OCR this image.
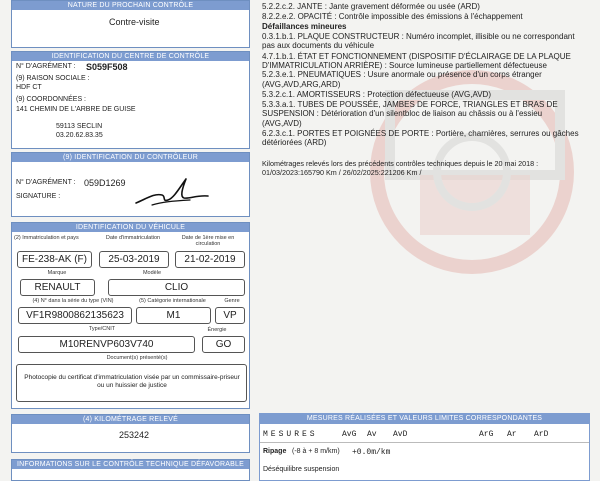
NATURE DU PROCHAIN CONTRÔLE
Contre-visite
IDENTIFICATION DU CENTRE DE CONTRÔLE
N° D'AGRÉMENT : S059F508
(9) RAISON SOCIALE :
HDF CT
(9) COORDONNÉES :
141 CHEMIN DE L'ARBRE DE GUISE
59113 SECLIN
03.20.62.83.35
(9) IDENTIFICATION DU CONTRÔLEUR
N° D'AGRÉMENT : 059D1269
SIGNATURE :
IDENTIFICATION DU VÉHICULE
(2) Immatriculation et pays	Date d'immatriculation	Date de 1ère mise en circulation
FE-238-AK (F)	25-03-2019	21-02-2019
Marque	Modèle
RENAULT	CLIO
(4) N° dans la série du type (VIN)	(5) Catégorie internationale	Genre
VF1R9800862135623	M1	VP
Type/CNIT	Énergie
M10RENVP603V740	GO
Document(s) présenté(s)
Photocopie du certificat d'immatriculation visée par un commissaire-priseur ou un huissier de justice
(4) KILOMÉTRAGE RELEVÉ
253242
INFORMATIONS SUR LE CONTRÔLE TECHNIQUE DÉFAVORABLE
5.2.2.c.2. JANTE : Jante gravement déformée ou usée (ARD)
8.2.2.e.2. OPACITÉ : Contrôle impossible des émissions à l'échappement
Défaillances mineures
0.3.1.b.1. PLAQUE CONSTRUCTEUR : Numéro incomplet, illisible ou ne correspondant
pas aux documents du véhicule
4.7.1.b.1. ÉTAT ET FONCTIONNEMENT (DISPOSITIF D'ÉCLAIRAGE DE LA PLAQUE
D'IMMATRICULATION ARRIÈRE) : Source lumineuse partiellement défectueuse
5.2.3.e.1. PNEUMATIQUES : Usure anormale ou présence d'un corps étranger
(AVG,AVD,ARG,ARD)
5.3.2.c.1. AMORTISSEURS : Protection défectueuse (AVG,AVD)
5.3.3.a.1. TUBES DE POUSSÉE, JAMBES DE FORCE, TRIANGLES ET BRAS DE
SUSPENSION : Détérioration d'un silentbloc de liaison au châssis ou à l'essieu
(AVG,AVD)
6.2.3.c.1. PORTES ET POIGNÉES DE PORTE : Portière, charnières, serrures ou gâches
détériorées (ARD)
Kilométrages relevés lors des précédents contrôles techniques depuis le 20 mai 2018 :
01/03/2023:165790 Km / 26/02/2025:221206 Km /
MESURES RÉALISÉES ET VALEURS LIMITES CORRESPONDANTES
MESURES	AvG Av AvD	ArG Ar ArD
Ripage (-8 à + 8 m/km) +0.0m/km
Déséquilibre suspension
